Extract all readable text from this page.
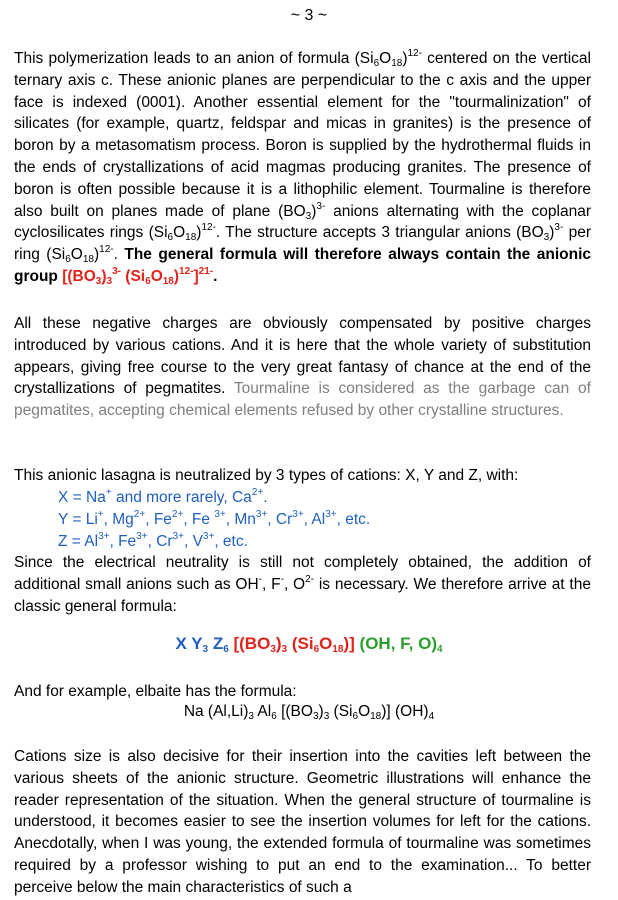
~ 3 ~
This polymerization leads to an anion of formula $(Si_6O_{18})^{12-}$ centered on the vertical ternary axis c. These anionic planes are perpendicular to the c axis and the upper face is indexed (0001). Another essential element for the "tourmalinization" of silicates (for example, quartz, feldspar and micas in granites) is the presence of boron by a metasomatism process. Boron is supplied by the hydrothermal fluids in the ends of crystallizations of acid magmas producing granites. The presence of boron is often possible because it is a lithophilic element. Tourmaline is therefore also built on planes made of plane $(BO_3)^{3-}$ anions alternating with the coplanar cyclosilicates rings $(Si_6O_{18})^{12-}$. The structure accepts 3 triangular anions $(BO_3)^{3-}$ per ring $(Si_6O_{18})^{12-}$. The general formula will therefore always contain the anionic group [$(BO_3)_3^{3-}$ $(Si_6O_{18})^{12-}]^{21-}$.
All these negative charges are obviously compensated by positive charges introduced by various cations. And it is here that the whole variety of substitution appears, giving free course to the very great fantasy of chance at the end of the crystallizations of pegmatites. Tourmaline is considered as the garbage can of pegmatites, accepting chemical elements refused by other crystalline structures.
This anionic lasagna is neutralized by 3 types of cations: X, Y and Z, with:
X = Na+ and more rarely, $Ca^{2+}$.
Y = Li+, $Mg^{2+}$, $Fe^{2+}$, Fe $^{3+}$, $Mn^{3+}$, $Cr^{3+}$, $Al^{3+}$, etc.
$Z = Al^{3+}$, $Fe^{3+}$, $Cr^{3+}$, $V^{3+}$, etc.
Since the electrical neutrality is still not completely obtained, the addition of additional small anions such as OH-, F-, $O^{2-}$ is necessary. We therefore arrive at the classic general formula:
X $Y_3$ $Z_6$ [$(BO_3)_3$ $(Si_6O_{18})$] (OH, F, $O)_4$
And for example, elbaite has the formula:
Na $(Al,Li)_3$ $Al_6$ [$(BO_3)_3$ $(Si_6O_{18})$] $(OH)_4$
Cations size is also decisive for their insertion into the cavities left between the various sheets of the anionic structure. Geometric illustrations will enhance the reader representation of the situation. When the general structure of tourmaline is understood, it becomes easier to see the insertion volumes for left for the cations. Anecdotally, when I was young, the extended formula of tourmaline was sometimes required by a professor wishing to put an end to the examination... To better perceive below the main characteristics of such a
